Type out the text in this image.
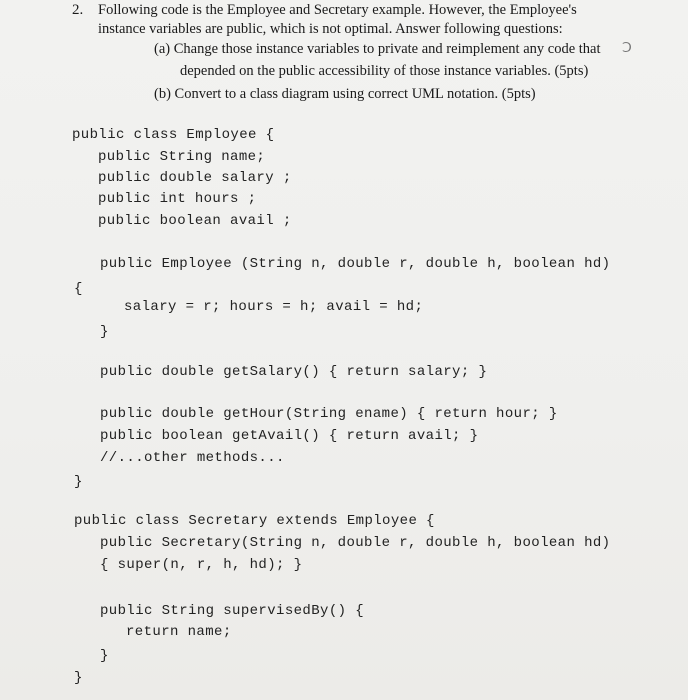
2. Following code is the Employee and Secretary example. However, the Employee's
instance variables are public, which is not optimal. Answer following questions:
(a) Change those instance variables to private and reimplement any code that
depended on the public accessibility of those instance variables. (5pts)
(b) Convert to a class diagram using correct UML notation. (5pts)
Ↄ
public class Employee {
public String name;
public double salary ;
public int hours ;
public boolean avail ;
public Employee (String n, double r, double h, boolean hd)
{
salary = r; hours = h; avail = hd;
}
public double getSalary() { return salary; }
public double getHour(String ename) { return hour; }
public boolean getAvail() { return avail; }
//...other methods...
}
public class Secretary extends Employee {
public Secretary(String n, double r, double h, boolean hd)
{ super(n, r, h, hd); }
public String supervisedBy() {
return name;
}
}
